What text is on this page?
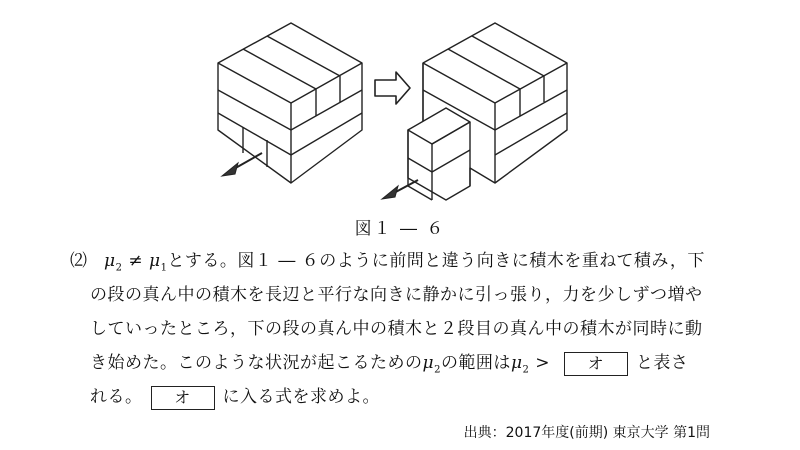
図１ ― ６
⑵ $\mu_2 \ne \mu_1$とする。図１ ― ６のように前問と違う向きに積木を重ねて積み，下
の段の真ん中の積木を長辺と平行な向きに静かに引っ張り，力を少しずつ増や
していったところ，下の段の真ん中の積木と２段目の真ん中の積木が同時に動
き始めた。このような状況が起こるための$\mu_2$の範囲は$\mu_2$ > オ と表さ
れる。 オ に入る式を求めよ。
出典：2017年度(前期) 東京大学 第1問
